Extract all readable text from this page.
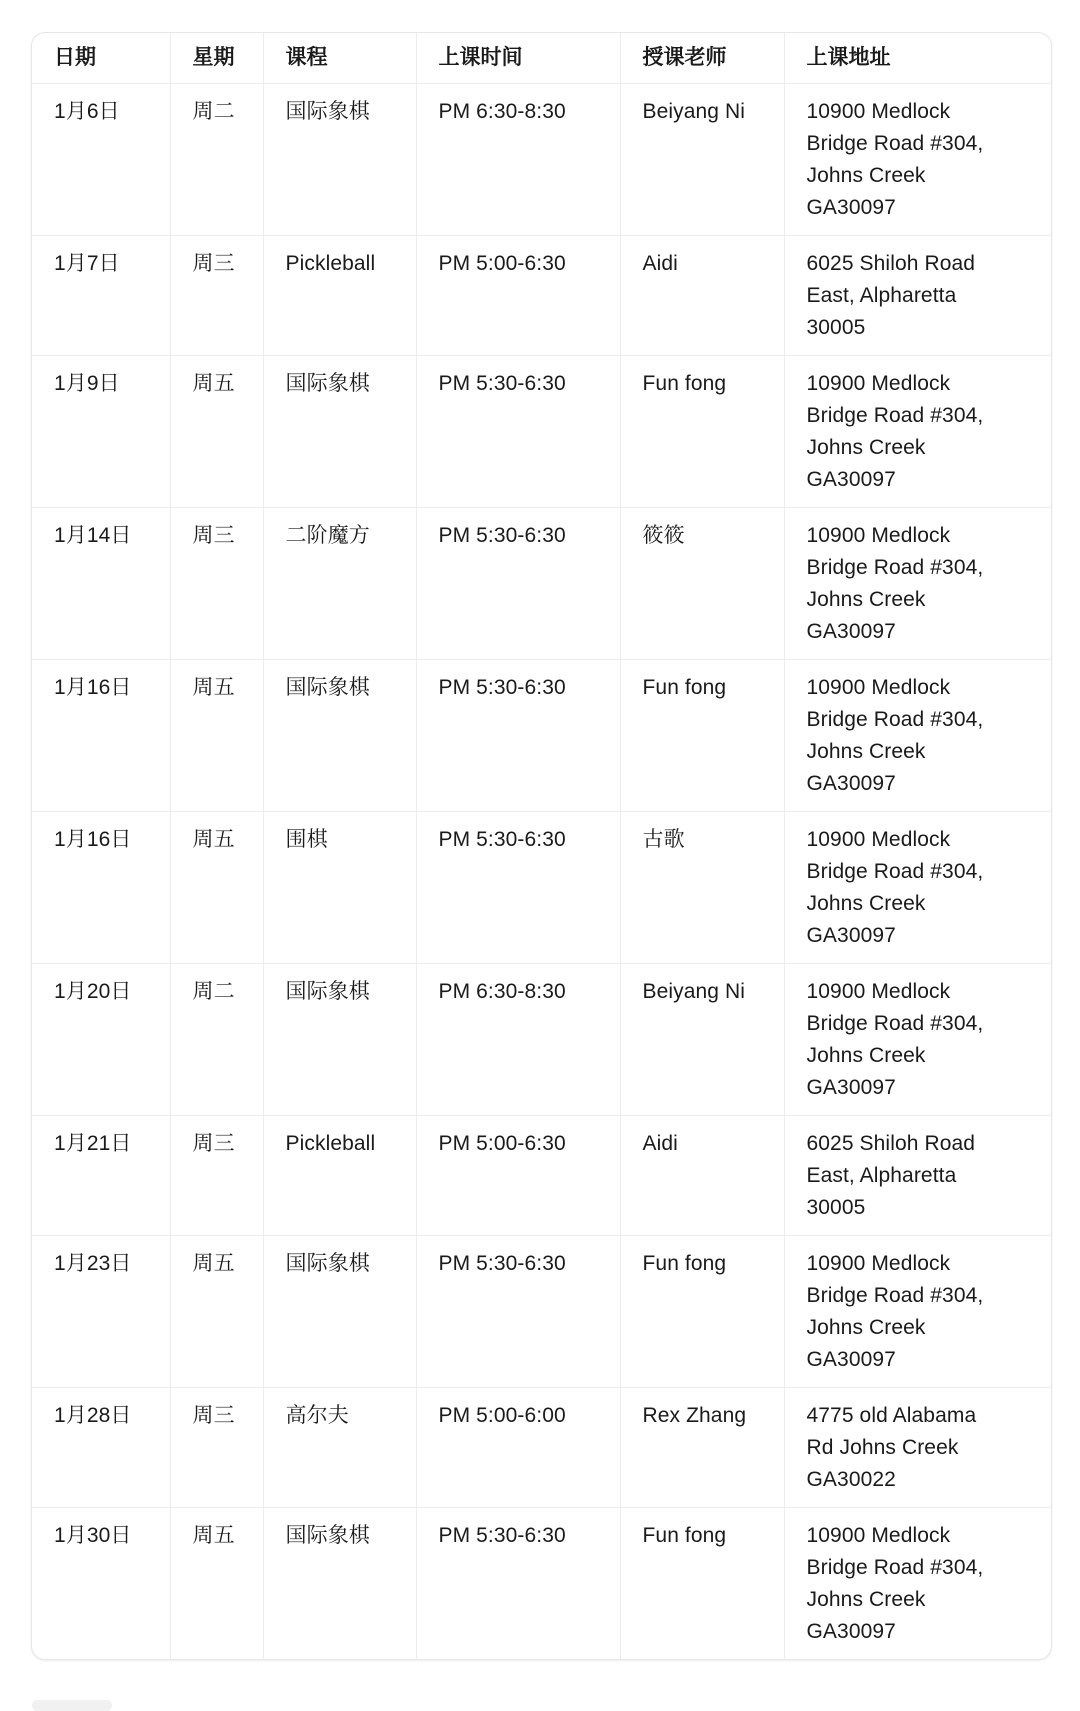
日期	星期	课程	上课时间	授课老师	上课地址
1月6日	周二	国际象棋	PM 6:30-8:30	Beiyang Ni	10900 Medlock
Bridge Road #304,
Johns Creek
GA30097

1月7日	周三	Pickleball	PM 5:00-6:30	Aidi	6025 Shiloh Road
East, Alpharetta
30005

1月9日	周五	国际象棋	PM 5:30-6:30	Fun fong	10900 Medlock
Bridge Road #304,
Johns Creek
GA30097

1月14日	周三	二阶魔方	PM 5:30-6:30	筱筱	10900 Medlock
Bridge Road #304,
Johns Creek
GA30097

1月16日	周五	国际象棋	PM 5:30-6:30	Fun fong	10900 Medlock
Bridge Road #304,
Johns Creek
GA30097

1月16日	周五	围棋	PM 5:30-6:30	古歌	10900 Medlock
Bridge Road #304,
Johns Creek
GA30097

1月20日	周二	国际象棋	PM 6:30-8:30	Beiyang Ni	10900 Medlock
Bridge Road #304,
Johns Creek
GA30097

1月21日	周三	Pickleball	PM 5:00-6:30	Aidi	6025 Shiloh Road
East, Alpharetta
30005

1月23日	周五	国际象棋	PM 5:30-6:30	Fun fong	10900 Medlock
Bridge Road #304,
Johns Creek
GA30097

1月28日	周三	高尔夫	PM 5:00-6:00	Rex Zhang	4775 old Alabama
Rd Johns Creek
GA30022

1月30日	周五	国际象棋	PM 5:30-6:30	Fun fong	10900 Medlock
Bridge Road #304,
Johns Creek
GA30097
